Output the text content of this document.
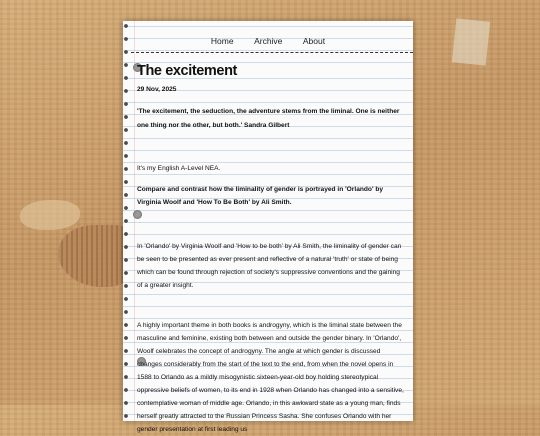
Home Archive About
The excitement
29 Nov, 2025
'The excitement, the seduction, the adventure stems from the liminal. One is neither one thing nor the other, but both.' Sandra Gilbert

It's my English A-Level NEA.

Compare and contrast how the liminality of gender is portrayed in 'Orlando' by Virginia Woolf and 'How To Be Both' by Ali Smith.

In 'Orlando' by Virginia Woolf and 'How to be both' by Ali Smith, the liminality of gender can be seen to be presented as ever present and reflective of a natural 'truth' or state of being which can be found through rejection of society's suppressive conventions and the gaining of a greater insight.

A highly important theme in both books is androgyny, which is the liminal state between the masculine and feminine, existing both between and outside the gender binary. In 'Orlando', Woolf celebrates the concept of androgyny. The angle at which gender is discussed changes considerably from the start of the text to the end, from when the novel opens in 1588 to Orlando as a mildly misogynistic sixteen-year-old boy holding stereotypical oppressive beliefs of women, to its end in 1928 when Orlando has changed into a sensitive, contemplative woman of middle age. Orlando, in this awkward state as a young man, finds herself greatly attracted to the Russian Princess Sasha. She confuses Orlando with her gender presentation at first leading us
